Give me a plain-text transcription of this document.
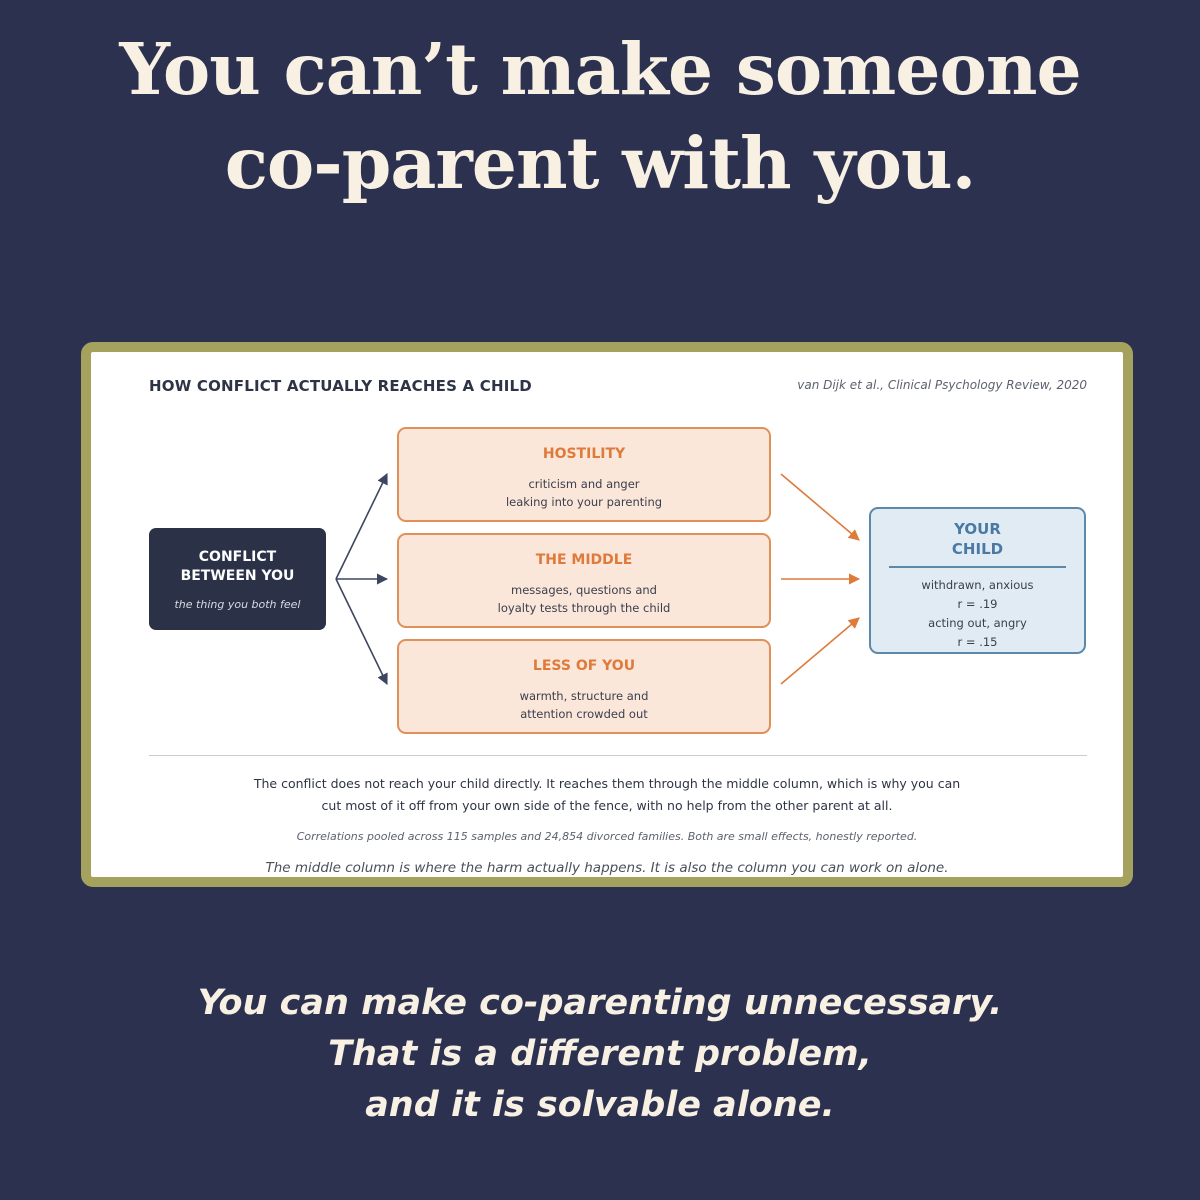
You can’t make someone
co-parent with you.
HOW CONFLICT ACTUALLY REACHES A CHILD	van Dijk et al., Clinical Psychology Review, 2020
CONFLICT
BETWEEN YOU
the thing you both feel
HOSTILITY
criticism and anger
leaking into your parenting
THE MIDDLE
messages, questions and
loyalty tests through the child
LESS OF YOU
warmth, structure and
attention crowded out
YOUR
CHILD
withdrawn, anxious
r = .19
acting out, angry
r = .15
The conflict does not reach your child directly. It reaches them through the middle column, which is why you can
cut most of it off from your own side of the fence, with no help from the other parent at all.
Correlations pooled across 115 samples and 24,854 divorced families. Both are small effects, honestly reported.
The middle column is where the harm actually happens. It is also the column you can work on alone.
You can make co-parenting unnecessary.
That is a different problem,
and it is solvable alone.
